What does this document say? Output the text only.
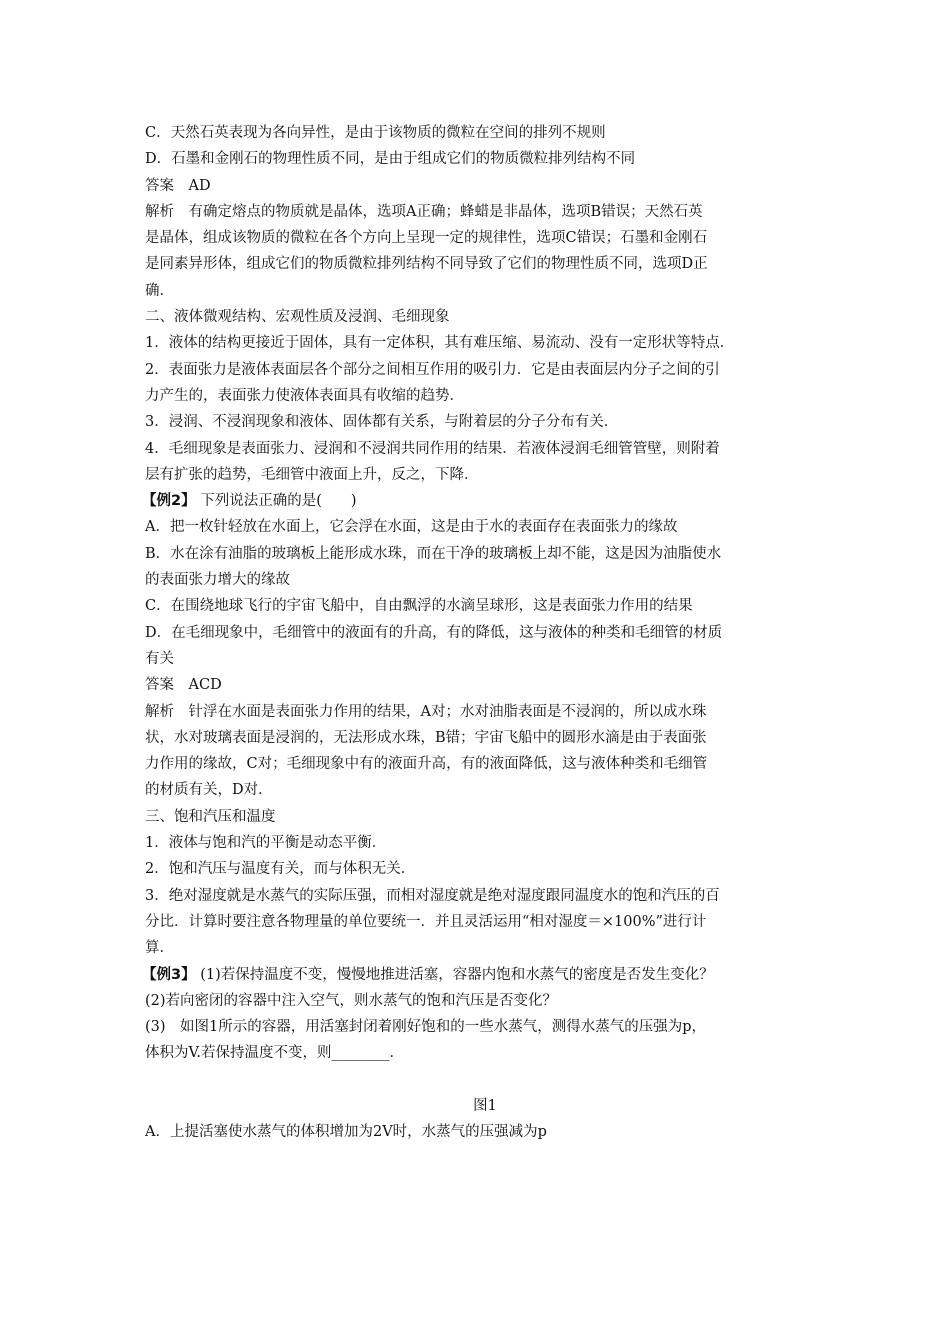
C．天然石英表现为各向异性，是由于该物质的微粒在空间的排列不规则
D．石墨和金刚石的物理性质不同，是由于组成它们的物质微粒排列结构不同
答案　AD
解析　有确定熔点的物质就是晶体，选项A正确；蜂蜡是非晶体，选项B错误；天然石英
是晶体，组成该物质的微粒在各个方向上呈现一定的规律性，选项C错误；石墨和金刚石
是同素异形体，组成它们的物质微粒排列结构不同导致了它们的物理性质不同，选项D正
确．
二、液体微观结构、宏观性质及浸润、毛细现象
1．液体的结构更接近于固体，具有一定体积，其有难压缩、易流动、没有一定形状等特点．
2．表面张力是液体表面层各个部分之间相互作用的吸引力．它是由表面层内分子之间的引
力产生的，表面张力使液体表面具有收缩的趋势．
3．浸润、不浸润现象和液体、固体都有关系，与附着层的分子分布有关．
4．毛细现象是表面张力、浸润和不浸润共同作用的结果．若液体浸润毛细管管壁，则附着
层有扩张的趋势，毛细管中液面上升，反之，下降．
【例2】 下列说法正确的是(　　)
A．把一枚针轻放在水面上，它会浮在水面，这是由于水的表面存在表面张力的缘故
B．水在涂有油脂的玻璃板上能形成水珠，而在干净的玻璃板上却不能，这是因为油脂使水
的表面张力增大的缘故
C．在围绕地球飞行的宇宙飞船中，自由飘浮的水滴呈球形，这是表面张力作用的结果
D．在毛细现象中，毛细管中的液面有的升高，有的降低，这与液体的种类和毛细管的材质
有关
答案　ACD
解析　针浮在水面是表面张力作用的结果，A对；水对油脂表面是不浸润的，所以成水珠
状，水对玻璃表面是浸润的，无法形成水珠，B错；宇宙飞船中的圆形水滴是由于表面张
力作用的缘故，C对；毛细现象中有的液面升高，有的液面降低，这与液体种类和毛细管
的材质有关，D对．
三、饱和汽压和温度
1．液体与饱和汽的平衡是动态平衡．
2．饱和汽压与温度有关，而与体积无关．
3．绝对湿度就是水蒸气的实际压强，而相对湿度就是绝对湿度跟同温度水的饱和汽压的百
分比．计算时要注意各物理量的单位要统一．并且灵活运用“相对湿度＝×100%”进行计
算．
【例3】 (1)若保持温度不变，慢慢地推进活塞，容器内饱和水蒸气的密度是否发生变化？
(2)若向密闭的容器中注入空气，则水蒸气的饱和汽压是否变化？
(3)　如图1所示的容器，用活塞封闭着刚好饱和的一些水蒸气，测得水蒸气的压强为p，
体积为V.若保持温度不变，则________．
图1
A．上提活塞使水蒸气的体积增加为2V时，水蒸气的压强减为p
